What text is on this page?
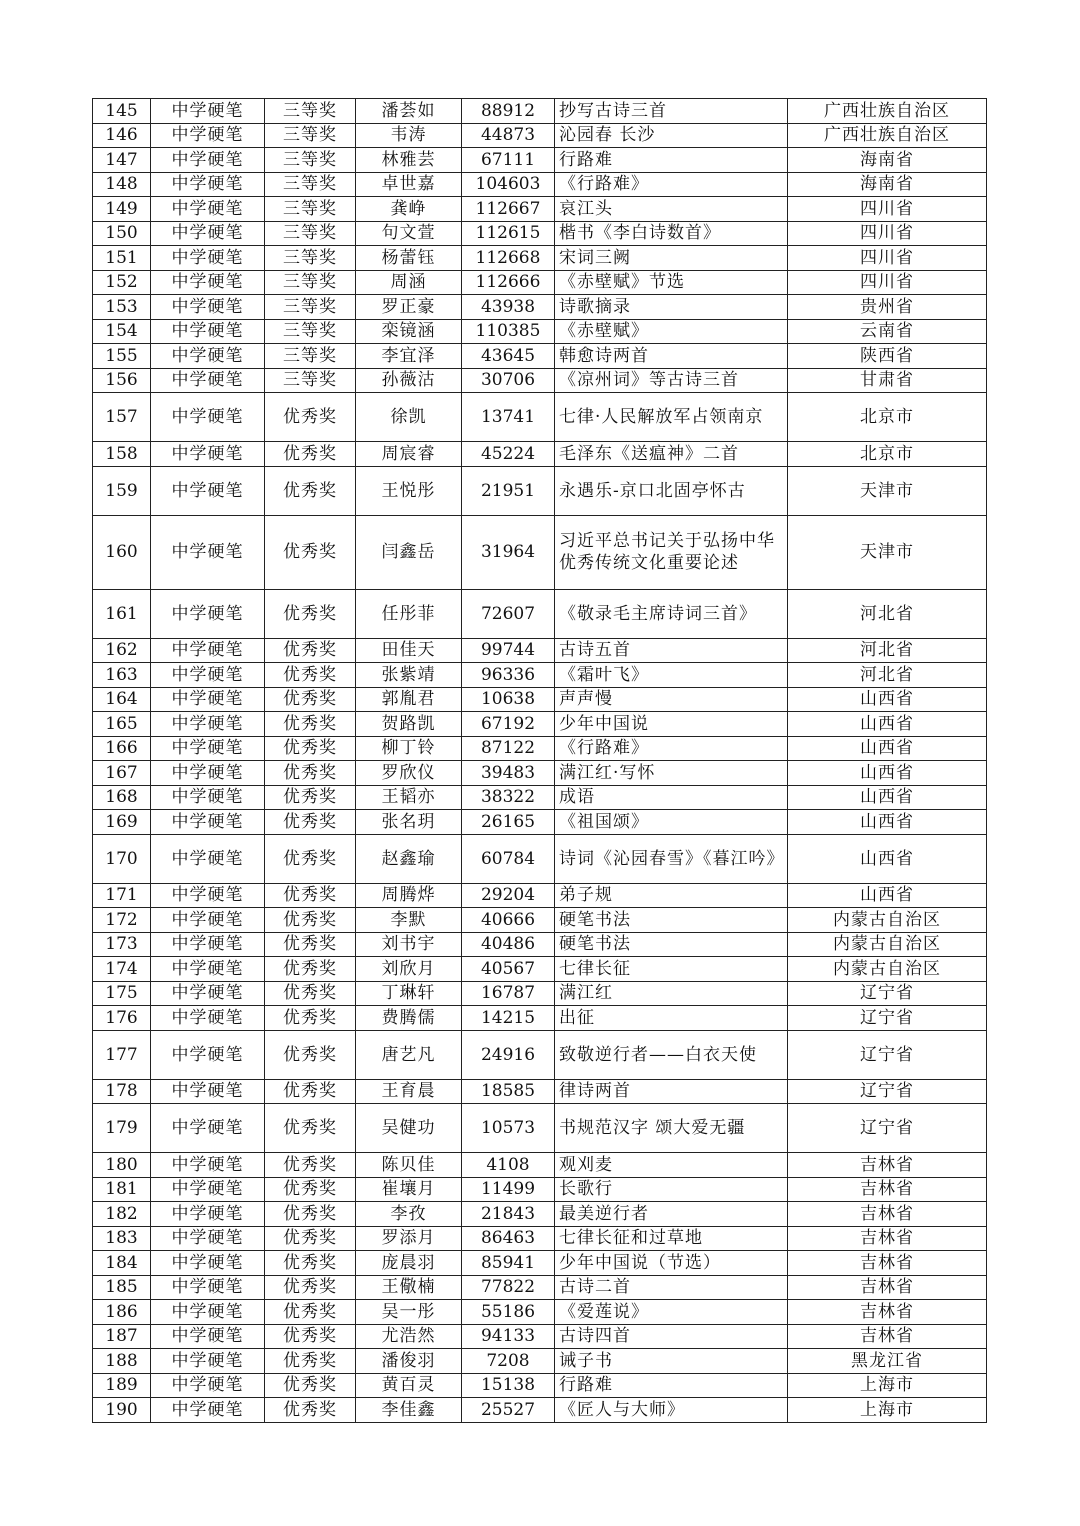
145	中学硬笔	三等奖	潘荟如	88912	抄写古诗三首	广西壮族自治区
146	中学硬笔	三等奖	韦涛	44873	沁园春 长沙	广西壮族自治区
147	中学硬笔	三等奖	林雅芸	67111	行路难	海南省
148	中学硬笔	三等奖	卓世嘉	104603	《行路难》	海南省
149	中学硬笔	三等奖	龚峥	112667	哀江头	四川省
150	中学硬笔	三等奖	句文萱	112615	楷书《李白诗数首》	四川省
151	中学硬笔	三等奖	杨蕾钰	112668	宋词三阙	四川省
152	中学硬笔	三等奖	周涵	112666	《赤壁赋》节选	四川省
153	中学硬笔	三等奖	罗正豪	43938	诗歌摘录	贵州省
154	中学硬笔	三等奖	栾镜涵	110385	《赤壁赋》	云南省
155	中学硬笔	三等奖	李宜泽	43645	韩愈诗两首	陕西省
156	中学硬笔	三等奖	孙薇沽	30706	《凉州词》等古诗三首	甘肃省
157	中学硬笔	优秀奖	徐凯	13741	七律·人民解放军占领南京	北京市
158	中学硬笔	优秀奖	周宸睿	45224	毛泽东《送瘟神》二首	北京市
159	中学硬笔	优秀奖	王悦彤	21951	永遇乐-京口北固亭怀古	天津市
160	中学硬笔	优秀奖	闫鑫岳	31964	习近平总书记关于弘扬中华优秀传统文化重要论述	天津市
161	中学硬笔	优秀奖	任彤菲	72607	《敬录毛主席诗词三首》	河北省
162	中学硬笔	优秀奖	田佳天	99744	古诗五首	河北省
163	中学硬笔	优秀奖	张紫靖	96336	《霜叶飞》	河北省
164	中学硬笔	优秀奖	郭胤君	10638	声声慢	山西省
165	中学硬笔	优秀奖	贺路凯	67192	少年中国说	山西省
166	中学硬笔	优秀奖	柳丁铃	87122	《行路难》	山西省
167	中学硬笔	优秀奖	罗欣仪	39483	满江红·写怀	山西省
168	中学硬笔	优秀奖	王韬亦	38322	成语	山西省
169	中学硬笔	优秀奖	张名玥	26165	《祖国颂》	山西省
170	中学硬笔	优秀奖	赵鑫瑜	60784	诗词《沁园春雪》《暮江吟》	山西省
171	中学硬笔	优秀奖	周腾烨	29204	弟子规	山西省
172	中学硬笔	优秀奖	李默	40666	硬笔书法	内蒙古自治区
173	中学硬笔	优秀奖	刘书宇	40486	硬笔书法	内蒙古自治区
174	中学硬笔	优秀奖	刘欣月	40567	七律长征	内蒙古自治区
175	中学硬笔	优秀奖	丁琳轩	16787	满江红	辽宁省
176	中学硬笔	优秀奖	费腾儒	14215	出征	辽宁省
177	中学硬笔	优秀奖	唐艺凡	24916	致敬逆行者——白衣天使	辽宁省
178	中学硬笔	优秀奖	王育晨	18585	律诗两首	辽宁省
179	中学硬笔	优秀奖	吴健功	10573	书规范汉字 颂大爱无疆	辽宁省
180	中学硬笔	优秀奖	陈贝佳	4108	观刈麦	吉林省
181	中学硬笔	优秀奖	崔壤月	11499	长歌行	吉林省
182	中学硬笔	优秀奖	李孜	21843	最美逆行者	吉林省
183	中学硬笔	优秀奖	罗添月	86463	七律长征和过草地	吉林省
184	中学硬笔	优秀奖	庞晨羽	85941	少年中国说（节选）	吉林省
185	中学硬笔	优秀奖	王儆楠	77822	古诗二首	吉林省
186	中学硬笔	优秀奖	吴一彤	55186	《爱莲说》	吉林省
187	中学硬笔	优秀奖	尤浩然	94133	古诗四首	吉林省
188	中学硬笔	优秀奖	潘俊羽	7208	诫子书	黑龙江省
189	中学硬笔	优秀奖	黄百灵	15138	行路难	上海市
190	中学硬笔	优秀奖	李佳鑫	25527	《匠人与大师》	上海市
